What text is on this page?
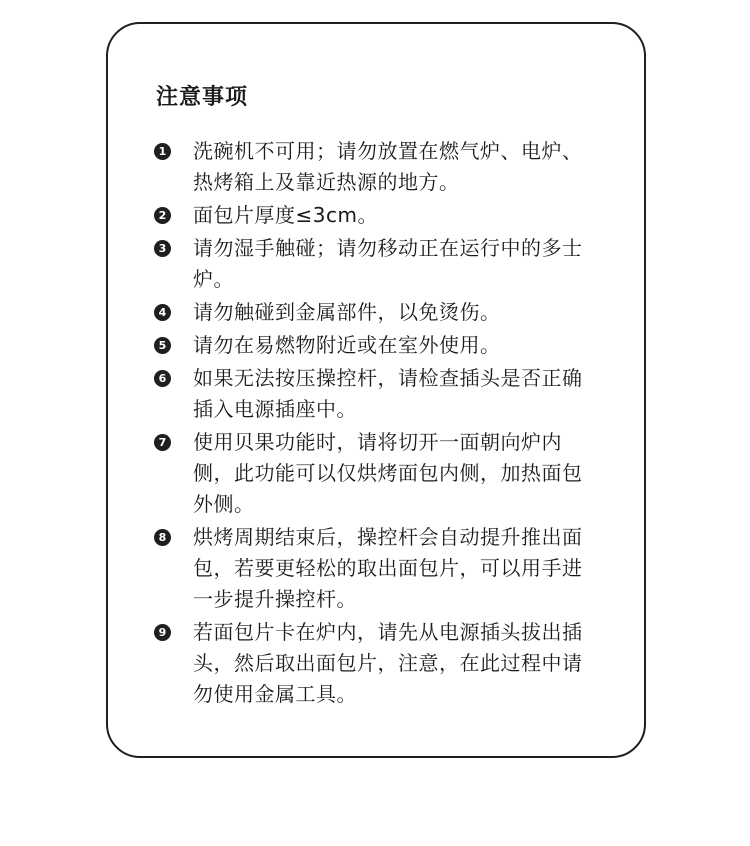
注意事项
1 洗碗机不可用；请勿放置在燃气炉、电炉、热烤箱上及靠近热源的地方。
2 面包片厚度≤3cm。
3 请勿湿手触碰；请勿移动正在运行中的多士炉。
4 请勿触碰到金属部件，以免烫伤。
5 请勿在易燃物附近或在室外使用。
6 如果无法按压操控杆，请检查插头是否正确插入电源插座中。
7 使用贝果功能时，请将切开一面朝向炉内侧，此功能可以仅烘烤面包内侧，加热面包外侧。
8 烘烤周期结束后，操控杆会自动提升推出面包，若要更轻松的取出面包片，可以用手进一步提升操控杆。
9 若面包片卡在炉内，请先从电源插头拔出插头，然后取出面包片，注意，在此过程中请勿使用金属工具。
